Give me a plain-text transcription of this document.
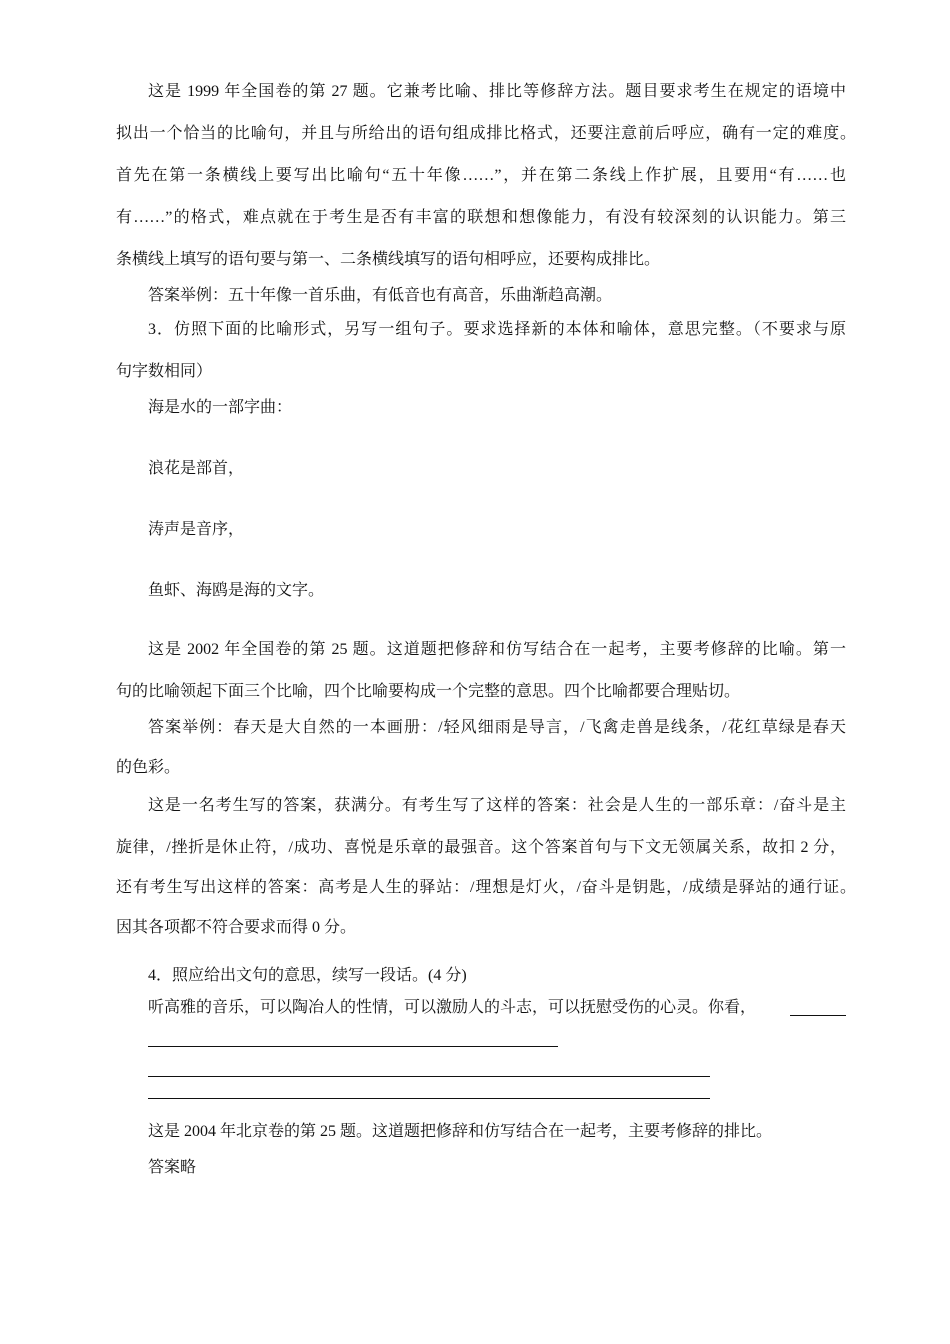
这是 1999 年全国卷的第 27 题。它兼考比喻、排比等修辞方法。题目要求考生在规定的语境中
拟出一个恰当的比喻句，并且与所给出的语句组成排比格式，还要注意前后呼应，确有一定的难度。
首先在第一条横线上要写出比喻句“五十年像……”，并在第二条线上作扩展，且要用“有……也
有……”的格式，难点就在于考生是否有丰富的联想和想像能力，有没有较深刻的认识能力。第三
条横线上填写的语句要与第一、二条横线填写的语句相呼应，还要构成排比。
答案举例：五十年像一首乐曲，有低音也有高音，乐曲渐趋高潮。
3．仿照下面的比喻形式，另写一组句子。要求选择新的本体和喻体，意思完整。（不要求与原
句字数相同）
海是水的一部字曲：
浪花是部首，
涛声是音序，
鱼虾、海鸥是海的文字。
这是 2002 年全国卷的第 25 题。这道题把修辞和仿写结合在一起考，主要考修辞的比喻。第一
句的比喻领起下面三个比喻，四个比喻要构成一个完整的意思。四个比喻都要合理贴切。
答案举例：春天是大自然的一本画册：/轻风细雨是导言，/飞禽走兽是线条，/花红草绿是春天
的色彩。
这是一名考生写的答案，获满分。有考生写了这样的答案：社会是人生的一部乐章：/奋斗是主
旋律，/挫折是休止符，/成功、喜悦是乐章的最强音。这个答案首句与下文无领属关系，故扣 2 分，
还有考生写出这样的答案：高考是人生的驿站：/理想是灯火，/奋斗是钥匙，/成绩是驿站的通行证。
因其各项都不符合要求而得 0 分。
4．照应给出文句的意思，续写一段话。(4 分)
听高雅的音乐，可以陶冶人的性情，可以激励人的斗志，可以抚慰受伤的心灵。你看，
这是 2004 年北京卷的第 25 题。这道题把修辞和仿写结合在一起考，主要考修辞的排比。
答案略
